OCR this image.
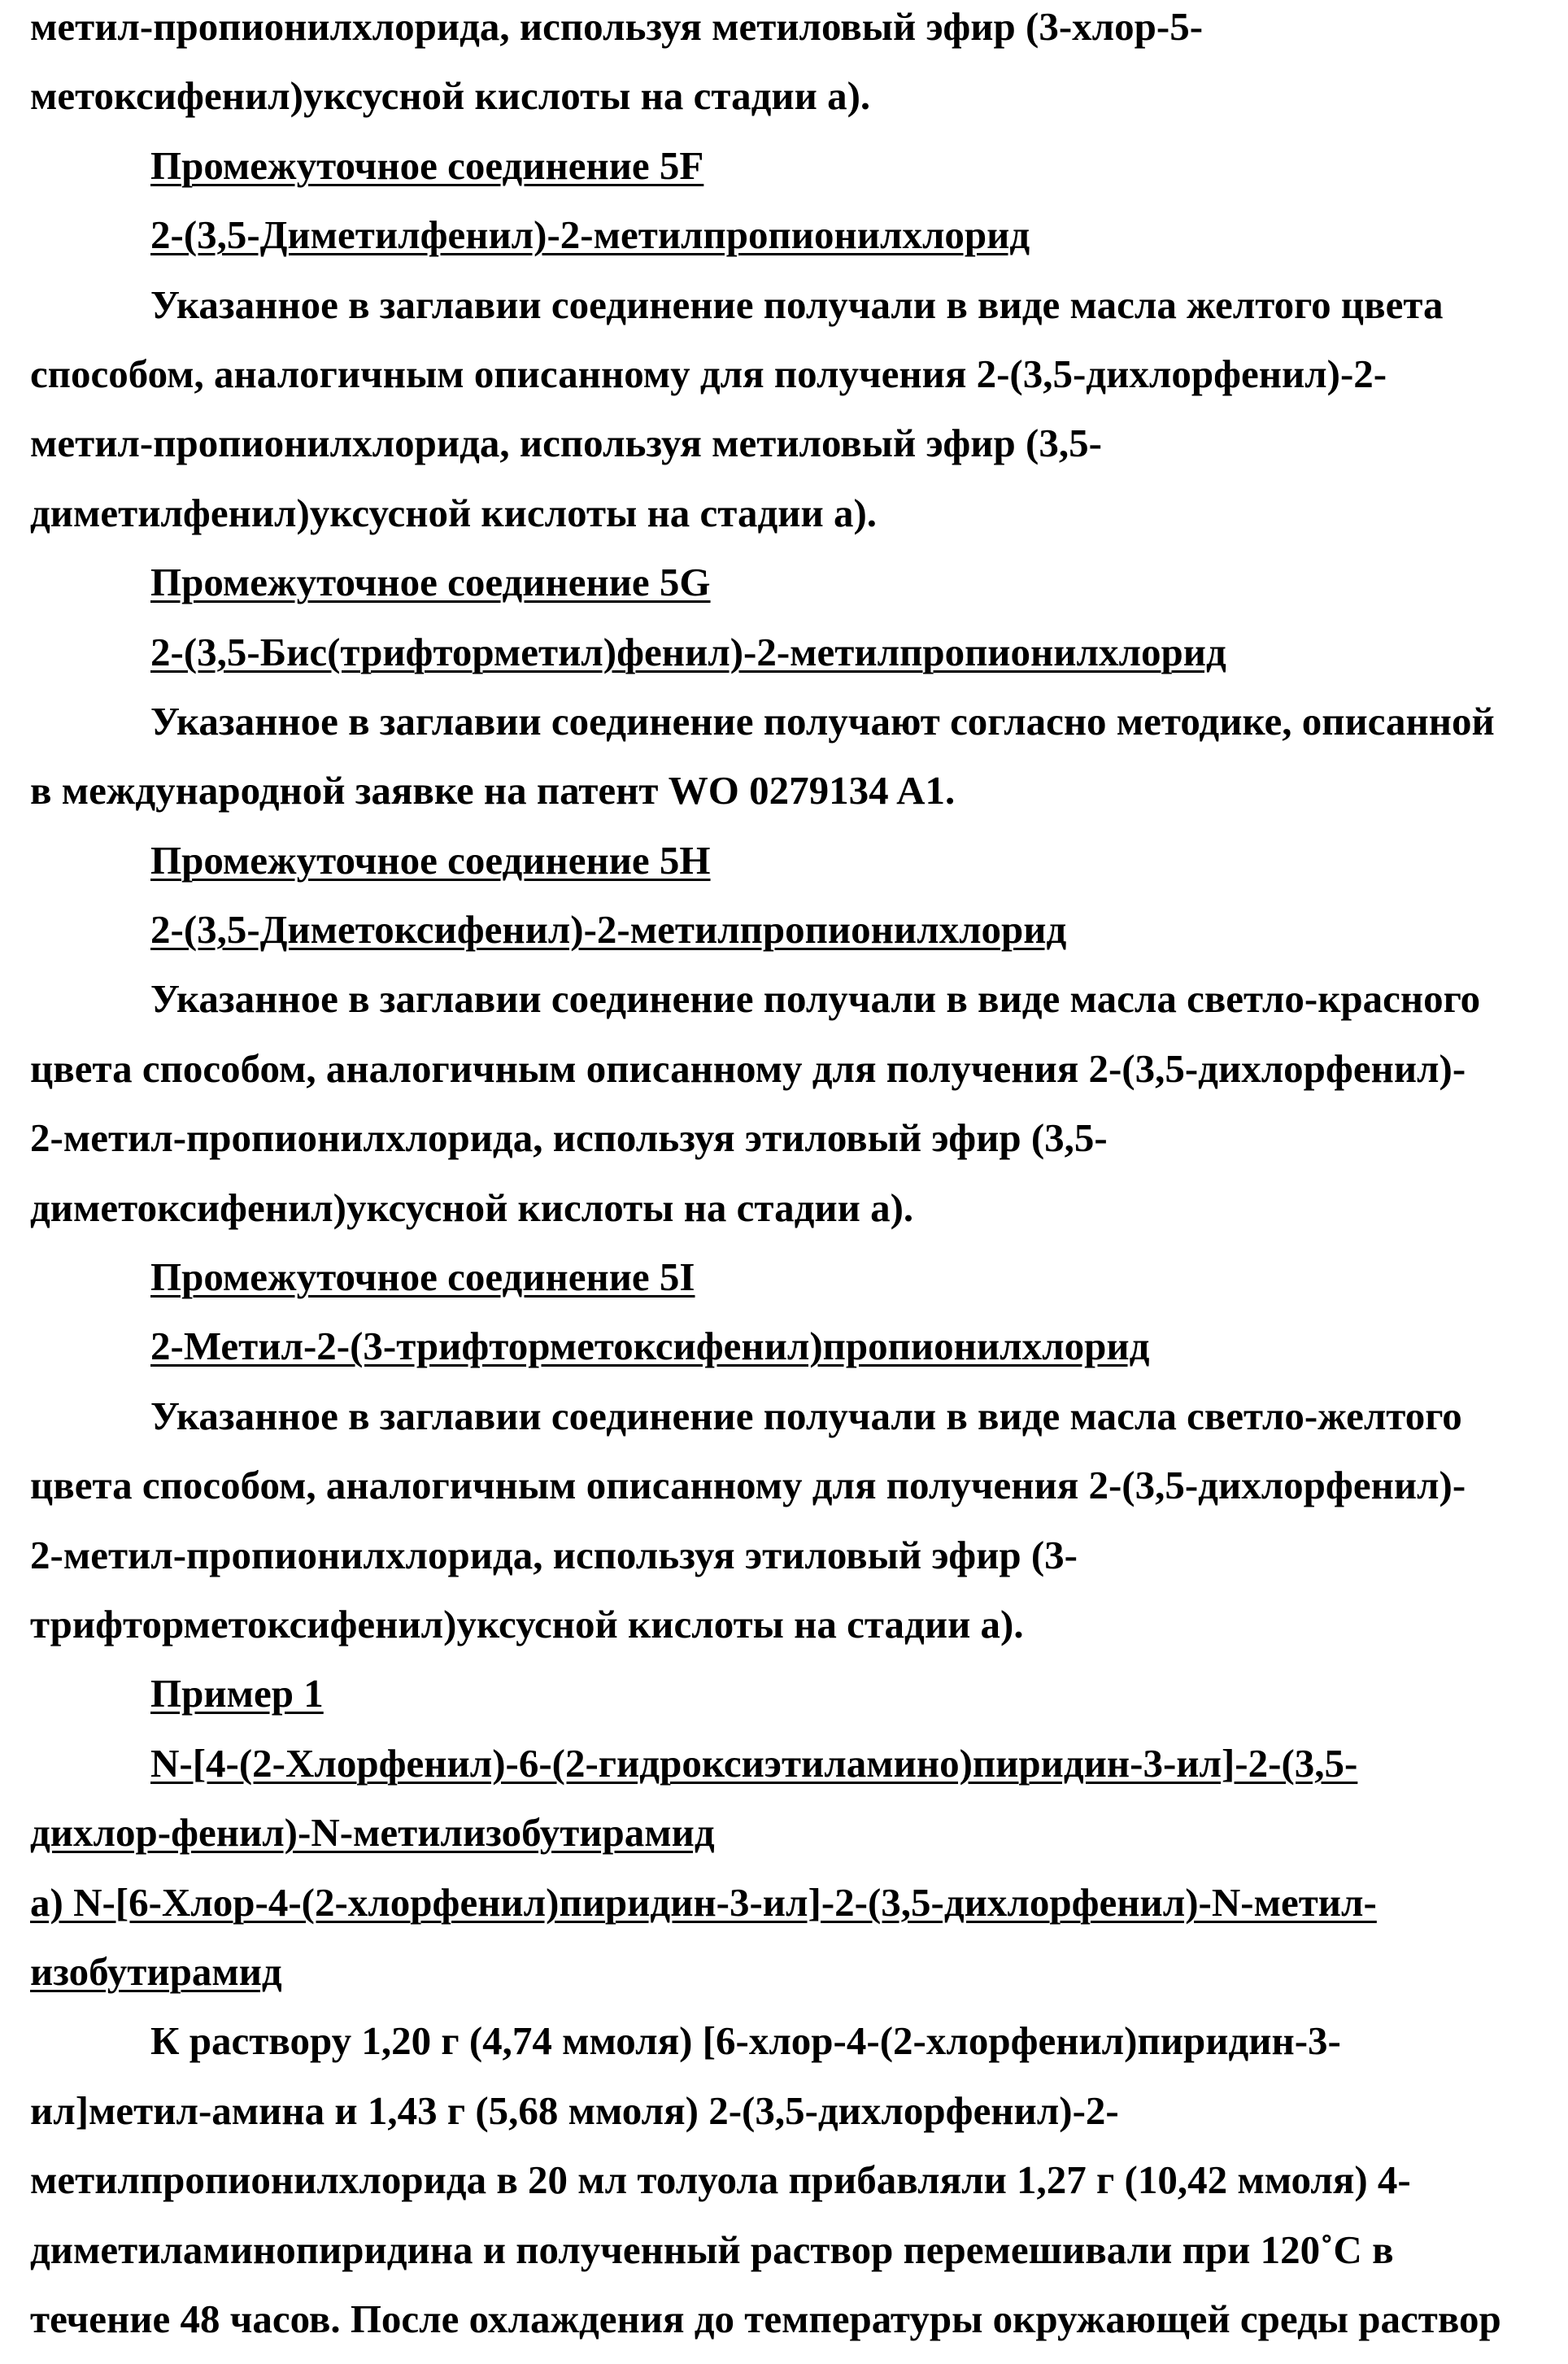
метил-пропионилхлорида, используя метиловый эфир (3-хлор-5-
метоксифенил)уксусной кислоты на стадии а).
Промежуточное соединение 5F
2-(3,5-Диметилфенил)-2-метилпропионилхлорид
Указанное в заглавии соединение получали в виде масла желтого цвета
способом, аналогичным описанному для получения 2-(3,5-дихлорфенил)-2-
метил-пропионилхлорида, используя метиловый эфир (3,5-
диметилфенил)уксусной кислоты на стадии а).
Промежуточное соединение 5G
2-(3,5-Бис(трифторметил)фенил)-2-метилпропионилхлорид
Указанное в заглавии соединение получают согласно методике, описанной
в международной заявке на патент WO 0279134 A1.
Промежуточное соединение 5H
2-(3,5-Диметоксифенил)-2-метилпропионилхлорид
Указанное в заглавии соединение получали в виде масла светло-красного
цвета способом, аналогичным описанному для получения 2-(3,5-дихлорфенил)-
2-метил-пропионилхлорида, используя этиловый эфир (3,5-
диметоксифенил)уксусной кислоты на стадии а).
Промежуточное соединение 5I
2-Метил-2-(3-трифторметоксифенил)пропионилхлорид
Указанное в заглавии соединение получали в виде масла светло-желтого
цвета способом, аналогичным описанному для получения 2-(3,5-дихлорфенил)-
2-метил-пропионилхлорида, используя этиловый эфир (3-
трифторметоксифенил)уксусной кислоты на стадии а).
Пример 1
N-[4-(2-Хлорфенил)-6-(2-гидроксиэтиламино)пиридин-3-ил]-2-(3,5-
дихлор-фенил)-N-метилизобутирамид
а) N-[6-Хлор-4-(2-хлорфенил)пиридин-3-ил]-2-(3,5-дихлорфенил)-N-метил-
изобутирамид
К раствору 1,20 г (4,74 ммоля) [6-хлор-4-(2-хлорфенил)пиридин-3-
ил]метил-амина и 1,43 г (5,68 ммоля) 2-(3,5-дихлорфенил)-2-
метилпропионилхлорида в 20 мл толуола прибавляли 1,27 г (10,42 ммоля) 4-
диметиламинопиридина и полученный раствор перемешивали при 120˚С в
течение 48 часов. После охлаждения до температуры окружающей среды раствор
